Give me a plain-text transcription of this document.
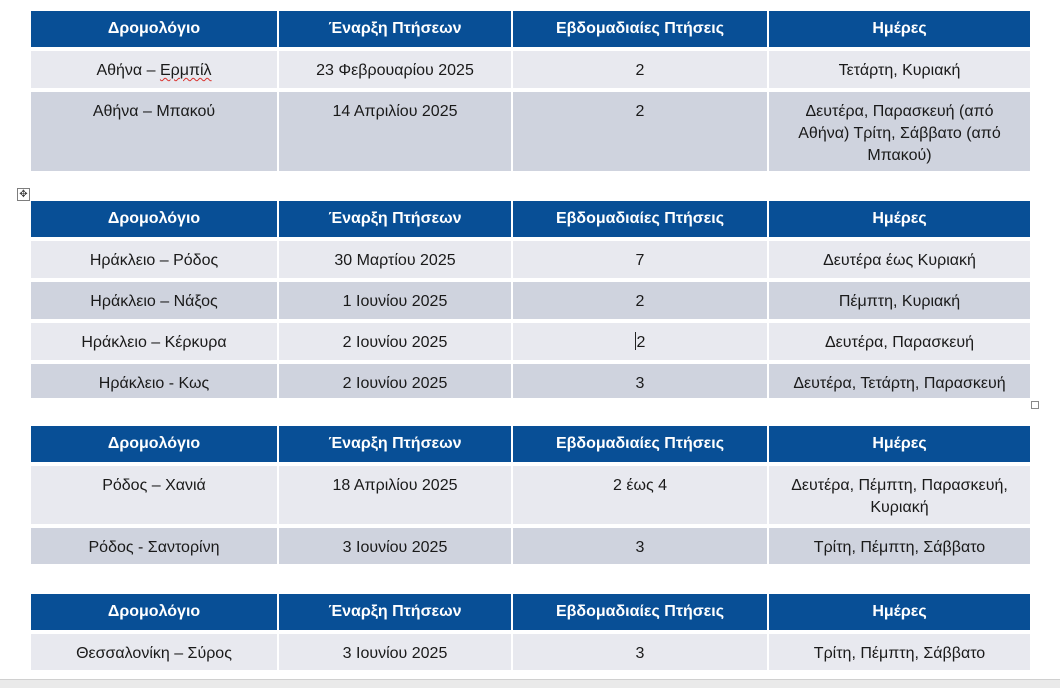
Δρομολόγιο	Έναρξη Πτήσεων	Εβδομαδιαίες Πτήσεις	Ημέρες
Αθήνα – Ερμπίλ	23 Φεβρουαρίου 2025	2	Τετάρτη, Κυριακή
Αθήνα – Μπακού	14 Απριλίου 2025	2	Δευτέρα, Παρασκευή (από Αθήνα) Τρίτη, Σάββατο (από Μπακού)
✥
Δρομολόγιο	Έναρξη Πτήσεων	Εβδομαδιαίες Πτήσεις	Ημέρες
Ηράκλειο – Ρόδος	30 Μαρτίου 2025	7	Δευτέρα έως Κυριακή
Ηράκλειο – Νάξος	1 Ιουνίου 2025	2	Πέμπτη, Κυριακή
Ηράκλειο – Κέρκυρα	2 Ιουνίου 2025	2	Δευτέρα, Παρασκευή
Ηράκλειο - Κως	2 Ιουνίου 2025	3	Δευτέρα, Τετάρτη, Παρασκευή
Δρομολόγιο	Έναρξη Πτήσεων	Εβδομαδιαίες Πτήσεις	Ημέρες
Ρόδος – Χανιά	18 Απριλίου 2025	2 έως 4	Δευτέρα, Πέμπτη, Παρασκευή, Κυριακή
Ρόδος - Σαντορίνη	3 Ιουνίου 2025	3	Τρίτη, Πέμπτη, Σάββατο
Δρομολόγιο	Έναρξη Πτήσεων	Εβδομαδιαίες Πτήσεις	Ημέρες
Θεσσαλονίκη – Σύρος	3 Ιουνίου 2025	3	Τρίτη, Πέμπτη, Σάββατο
